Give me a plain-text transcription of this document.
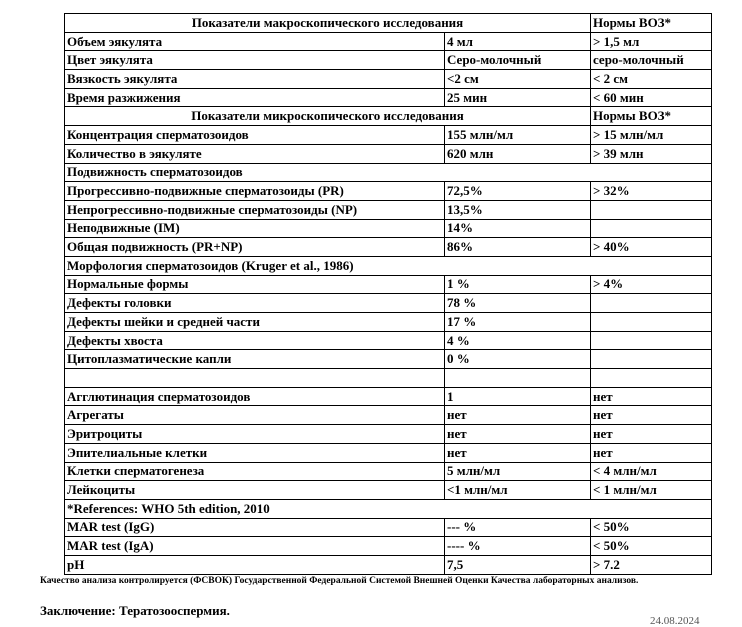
Показатели макроскопического исследования		Нормы ВОЗ*
Объем эякулята	4 мл	> 1,5 мл
Цвет эякулята	Серо-молочный	серо-молочный
Вязкость эякулята	<2 см	< 2 см
Время разжижения	25 мин	< 60 мин
Показатели микроскопического исследования		Нормы ВОЗ*
Концентрация сперматозоидов	155 млн/мл	> 15 млн/мл
Количество в эякуляте	620 млн	> 39 млн
Подвижность сперматозоидов		
Прогрессивно-подвижные сперматозоиды (PR)	72,5%	> 32%
Непрогрессивно-подвижные сперматозоиды (NP)	13,5%	
Неподвижные (IM)	14%	
Общая подвижность (PR+NP)	86%	> 40%
Морфология сперматозоидов (Kruger et al., 1986)		
Нормальные формы	1 %	> 4%
Дефекты головки	78 %	
Дефекты шейки и средней части	17 %	
Дефекты хвоста	4 %	
Цитоплазматические капли	0 %	

Агглютинация сперматозоидов	1	нет
Агрегаты	нет	нет
Эритроциты	нет	нет
Эпителиальные клетки	нет	нет
Клетки сперматогенеза	5 млн/мл	< 4 млн/мл
Лейкоциты	<1 млн/мл	< 1 млн/мл
*References: WHO 5th edition, 2010		
MAR test (IgG)	--- %	< 50%
MAR test (IgA)	---- %	< 50%
pH	7,5	> 7.2
Качество анализа контролируется (ФСВОК) Государственной Федеральной Системой Внешней Оценки Качества лабораторных анализов.
Заключение: Тератозооспермия.
24.08.2024
